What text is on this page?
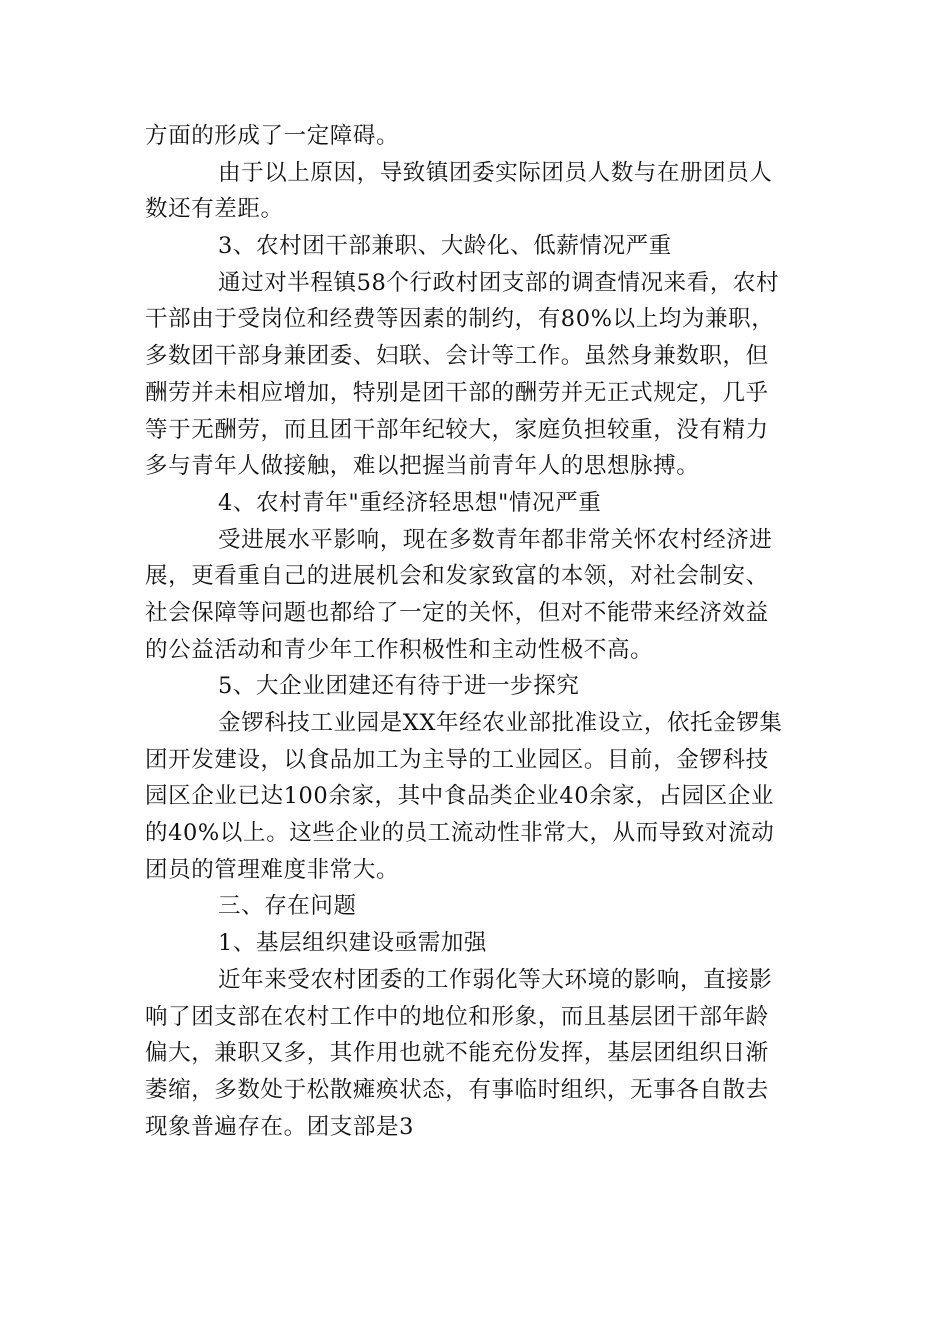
方面的形成了一定障碍。
由于以上原因，导致镇团委实际团员人数与在册团员人
数还有差距。
3、农村团干部兼职、大龄化、低薪情况严重
通过对半程镇58个行政村团支部的调查情况来看，农村
干部由于受岗位和经费等因素的制约，有80%以上均为兼职，
多数团干部身兼团委、妇联、会计等工作。虽然身兼数职，但
酬劳并未相应增加，特别是团干部的酬劳并无正式规定，几乎
等于无酬劳，而且团干部年纪较大，家庭负担较重，没有精力
多与青年人做接触，难以把握当前青年人的思想脉搏。
4、农村青年"重经济轻思想"情况严重
受进展水平影响，现在多数青年都非常关怀农村经济进
展，更看重自己的进展机会和发家致富的本领，对社会制安、
社会保障等问题也都给了一定的关怀，但对不能带来经济效益
的公益活动和青少年工作积极性和主动性极不高。
5、大企业团建还有待于进一步探究
金锣科技工业园是XX年经农业部批准设立，依托金锣集
团开发建设，以食品加工为主导的工业园区。目前，金锣科技
园区企业已达100余家，其中食品类企业40余家，占园区企业
的40%以上。这些企业的员工流动性非常大，从而导致对流动
团员的管理难度非常大。
三、存在问题
1、基层组织建设亟需加强
近年来受农村团委的工作弱化等大环境的影响，直接影
响了团支部在农村工作中的地位和形象，而且基层团干部年龄
偏大，兼职又多，其作用也就不能充份发挥，基层团组织日渐
萎缩，多数处于松散瘫痪状态，有事临时组织，无事各自散去
现象普遍存在。团支部是3
